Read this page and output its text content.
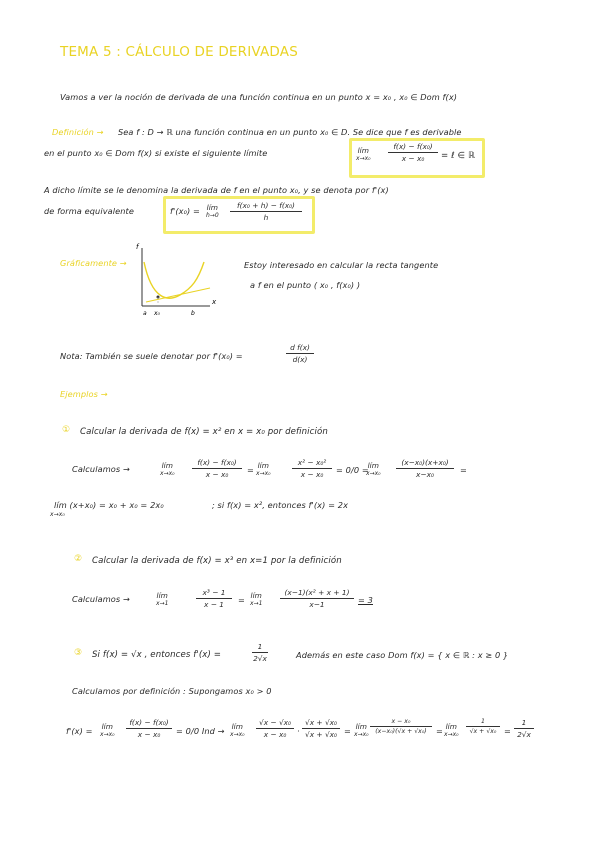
TEMA 5 : CÁLCULO DE DERIVADAS
Vamos a ver la noción de derivada de una función continua en un punto x = x₀ , x₀ ∈ Dom f(x)
Definición → Sea f : D → ℝ una función continua en un punto x₀ ∈ D. Se dice que f es derivable
en el punto x₀ ∈ Dom f(x) si existe el siguiente límite	lím
x→x₀
f(x) − f(x₀)
x − x₀ = ℓ ∈ ℝ
A dicho límite se le denomina la derivada de f en el punto x₀, y se denota por f'(x)
de forma equivalente	f'(x₀) = lím
h→0
f(x₀ + h) − f(x₀)
h
Gráficamente →
f
x
a x₀	b
Estoy interesado en calcular la recta tangente
a f en el punto ( x₀ , f(x₀) )
Nota: También se suele denotar por f'(x₀) =
d f(x)
d(x)
Ejemplos →
① Calcular la derivada de f(x) = x² en x = x₀ por definición
Calculamos →	lím
x→x₀
f(x) − f(x₀)
x − x₀ = lím
x→x₀
x² − x₀²
x − x₀ = 0/0 =
lím
x→x₀
(x−x₀)(x+x₀)
x−x₀	=
lím (x+x₀) = x₀ + x₀ = 2x₀
x→x₀
; si f(x) = x², entonces f'(x) = 2x
② Calcular la derivada de f(x) = x³ en x=1 por la definición
Calculamos →	lím
x→1
x³ − 1
x − 1 = lím
x→1
(x−1)(x² + x + 1)
x−1	= 3
③ Si f(x) = √x , entonces f'(x) =
1
2√x	Además en este caso Dom f(x) = { x ∈ ℝ : x ≥ 0 }
Calculamos por definición : Supongamos x₀ > 0
f'(x) = lím
x→x₀
f(x) − f(x₀)
x − x₀ = 0/0 Ind → lím
x→x₀
√x − √x₀
x − x₀ ·
√x + √x₀
√x + √x₀ = lím
x→x₀
x − x₀
(x−x₀)(√x + √x₀) = lím
x→x₀
1
√x + √x₀ =
1
2√x
